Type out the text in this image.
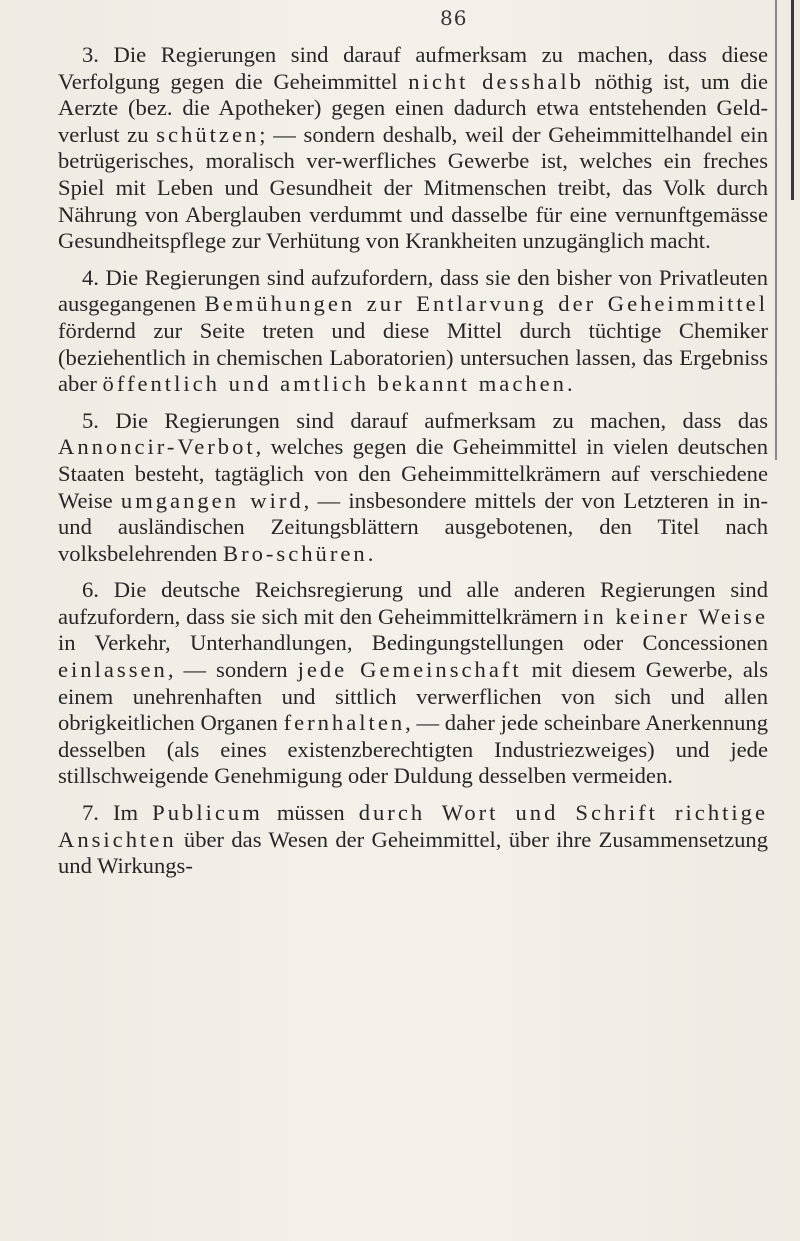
86

3. Die Regierungen sind darauf aufmerksam zu machen, dass diese Verfolgung gegen die Geheimmittel nicht desshalb nöthig ist, um die Aerzte (bez. die Apotheker) gegen einen dadurch etwa entstehenden Geld-verlust zu schützen; — sondern deshalb, weil der Geheimmittelhandel ein betrügerisches, moralisch ver-werfliches Gewerbe ist, welches ein freches Spiel mit Leben und Gesundheit der Mitmenschen treibt, das Volk durch Nährung von Aberglauben verdummt und dasselbe für eine vernunftgemässe Gesundheitspflege zur Verhütung von Krankheiten unzugänglich macht.

4. Die Regierungen sind aufzufordern, dass sie den bisher von Privatleuten ausgegangenen Bemühungen zur Entlarvung der Geheimmittel fördernd zur Seite treten und diese Mittel durch tüchtige Chemiker (beziehentlich in chemischen Laboratorien) untersuchen lassen, das Ergebniss aber öffentlich und amtlich bekannt machen.

5. Die Regierungen sind darauf aufmerksam zu machen, dass das Annoncir-Verbot, welches gegen die Geheimmittel in vielen deutschen Staaten besteht, tagtäglich von den Geheimmittelkrämern auf verschiedene Weise umgangen wird, — insbesondere mittels der von Letzteren in in- und ausländischen Zeitungsblättern ausgebotenen, den Titel nach volksbelehrenden Bro-schüren.

6. Die deutsche Reichsregierung und alle anderen Regierungen sind aufzufordern, dass sie sich mit den Geheimmittelkrämern in keiner Weise in Verkehr, Unterhandlungen, Bedingungstellungen oder Concessionen einlassen, — sondern jede Gemeinschaft mit diesem Gewerbe, als einem unehrenhaften und sittlich verwerflichen von sich und allen obrigkeitlichen Organen fernhalten, — daher jede scheinbare Anerkennung desselben (als eines existenzberechtigten Industriezweiges) und jede stillschweigende Genehmigung oder Duldung desselben vermeiden.

7. Im Publicum müssen durch Wort und Schrift richtige Ansichten über das Wesen der Geheimmittel, über ihre Zusammensetzung und Wirkungs-
